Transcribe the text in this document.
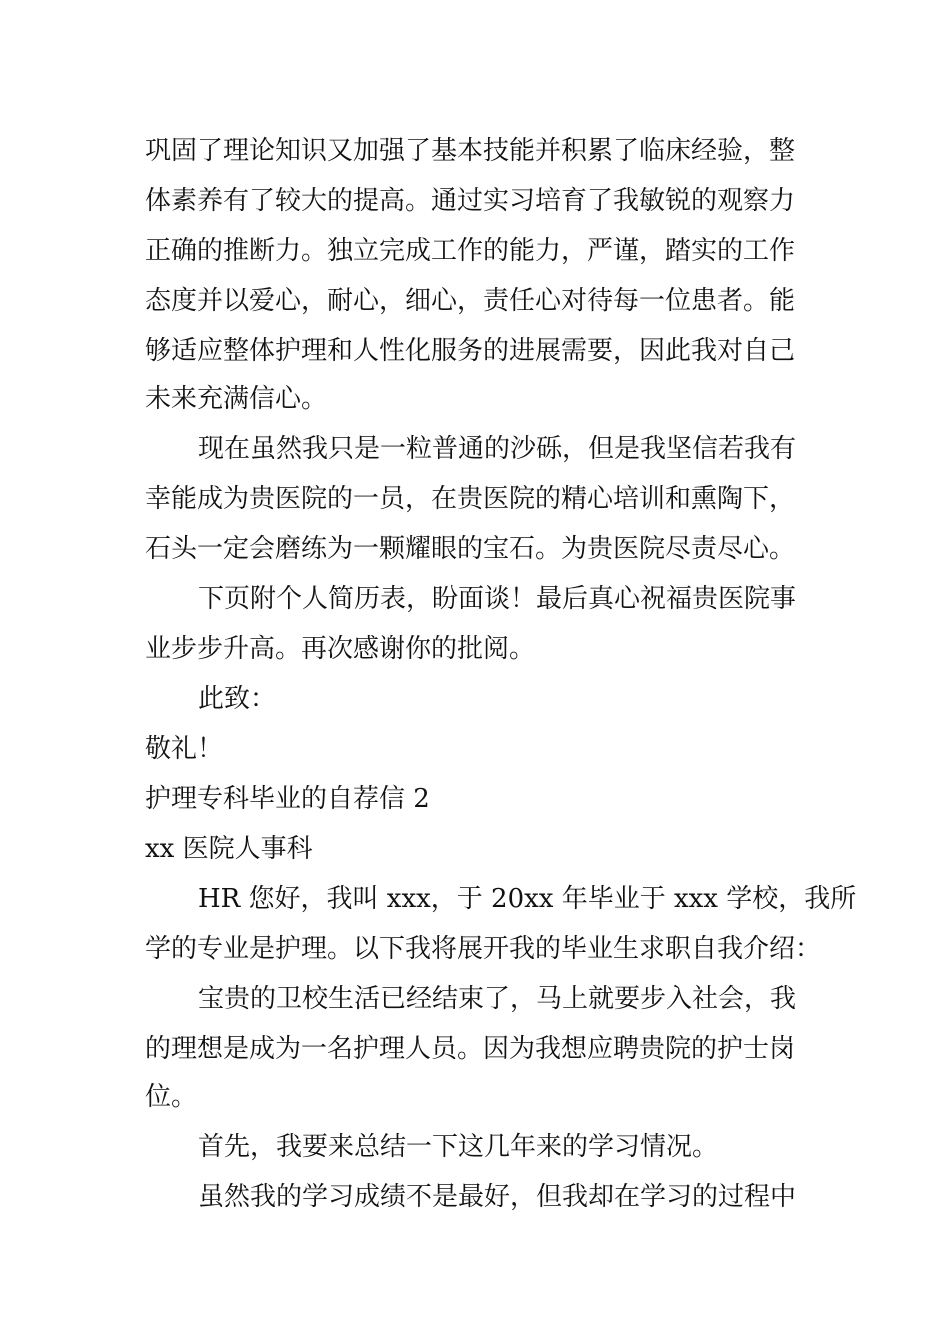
巩固了理论知识又加强了基本技能并积累了临床经验，整
体素养有了较大的提高。通过实习培育了我敏锐的观察力
正确的推断力。独立完成工作的能力，严谨，踏实的工作
态度并以爱心，耐心，细心，责任心对待每一位患者。能
够适应整体护理和人性化服务的进展需要，因此我对自己
未来充满信心。
现在虽然我只是一粒普通的沙砾，但是我坚信若我有
幸能成为贵医院的一员，在贵医院的精心培训和熏陶下，
石头一定会磨练为一颗耀眼的宝石。为贵医院尽责尽心。
下页附个人简历表，盼面谈！最后真心祝福贵医院事
业步步升高。再次感谢你的批阅。
此致：
敬礼！
护理专科毕业的自荐信 2
xx 医院人事科
HR 您好，我叫 xxx，于 20xx 年毕业于 xxx 学校，我所
学的专业是护理。以下我将展开我的毕业生求职自我介绍：
宝贵的卫校生活已经结束了，马上就要步入社会，我
的理想是成为一名护理人员。因为我想应聘贵院的护士岗
位。
首先，我要来总结一下这几年来的学习情况。
虽然我的学习成绩不是最好，但我却在学习的过程中
